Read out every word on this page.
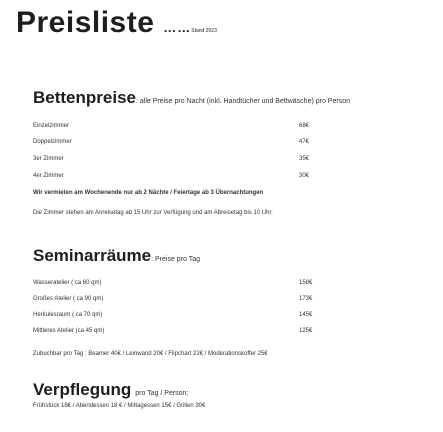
Preisliste ……Stand 2023
Bettenpreise: alle Preise pro Nacht (inkl. Handtücher und Bettwäsche) pro Person
Einzelzimmer	68€
Doppelzimmer	47€
3er Zimmer	35€
4er Zimmer	30€
Wir vermieten am Wochenende nur ab 2 Nächte / Feiertage ab 3 Übernachtungen
Die Zimmer stehen am Anreisetag ab 15 Uhr zur Verfügung und am Abreisetag bis 10 Uhr.
Seminarräume: Preise pro Tag
Wasseratelier ( ca 60 qm)	158€
Großes Atelier ( ca 90 qm)	173€
Herkulesraum ( ca 70 qm)	145€
Mittleres Atelier (ca 45 qm)	125€
Zubuchbar pro Tag : Beamer 40€ / Leinwand 20€ / Flipchart 22€ / Moderationskoffer 25€
Verpflegung pro Tag / Person:
Frühstück 18€ / Abendessen 18 € / Mittagessen 15€ / Grillen 30€
